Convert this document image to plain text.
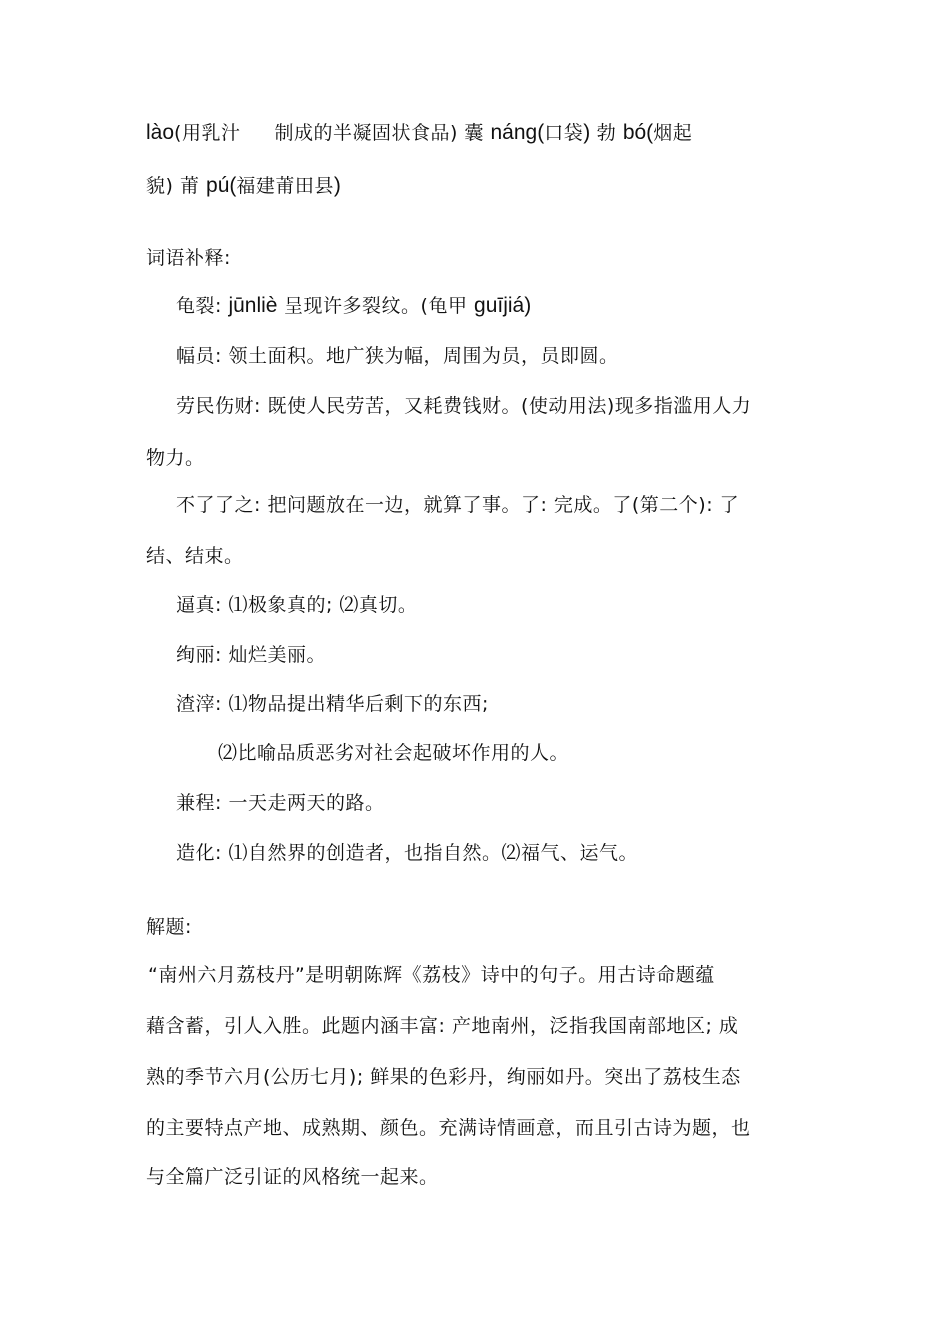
lào(用乳汁 制成的半凝固状食品) 囊 náng(口袋) 勃 bó(烟起
貌) 莆 pú(福建莆田县)
词语补释:
龟裂: jūnliè 呈现许多裂纹。(龟甲 guījiá)
幅员: 领土面积。地广狭为幅，周围为员，员即圆。
劳民伤财: 既使人民劳苦，又耗费钱财。(使动用法)现多指滥用人力
物力。
不了了之: 把问题放在一边，就算了事。了: 完成。了(第二个): 了
结、结束。
逼真: ⑴极象真的; ⑵真切。
绚丽: 灿烂美丽。
渣滓: ⑴物品提出精华后剩下的东西;
⑵比喻品质恶劣对社会起破坏作用的人。
兼程: 一天走两天的路。
造化: ⑴自然界的创造者，也指自然。⑵福气、运气。
解题:
“南州六月荔枝丹”是明朝陈辉《荔枝》诗中的句子。用古诗命题蕴
藉含蓄，引人入胜。此题内涵丰富: 产地南州，泛指我国南部地区; 成
熟的季节六月(公历七月); 鲜果的色彩丹，绚丽如丹。突出了荔枝生态
的主要特点产地、成熟期、颜色。充满诗情画意，而且引古诗为题，也
与全篇广泛引证的风格统一起来。
